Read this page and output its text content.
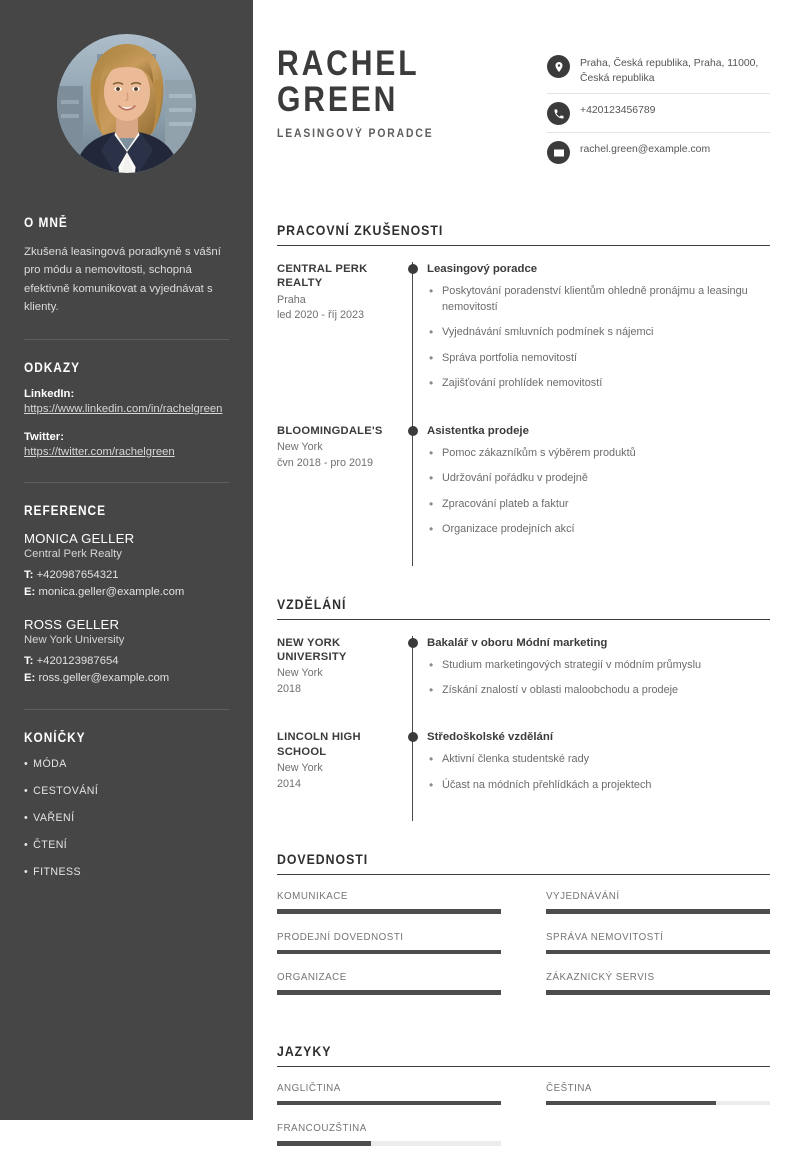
O MNĚ

Zkušená leasingová poradkyně s vášní pro módu a nemovitosti, schopná efektivně komunikovat a vyjednávat s klienty.

ODKAZY
LinkedIn:
https://www.linkedin.com/in/rachelgreen
Twitter:
https://twitter.com/rachelgreen
REFERENCE
MONICA GELLER
Central Perk Realty
T: +420987654321
E: monica.geller@example.com
ROSS GELLER
New York University
T: +420123987654
E: ross.geller@example.com
KONÍČKY
• MÓDA
• CESTOVÁNÍ
• VAŘENÍ
• ČTENÍ
• FITNESS
RACHEL
GREEN
LEASINGOVÝ PORADCE
Praha, Česká republika, Praha, 11000, Česká republika
+420123456789
rachel.green@example.com
PRACOVNÍ ZKUŠENOSTI
CENTRAL PERK REALTY
Praha
led 2020 - říj 2023
Leasingový poradce
• Poskytování poradenství klientům ohledně pronájmu a leasingu nemovitostí
• Vyjednávání smluvních podmínek s nájemci
• Správa portfolia nemovitostí
• Zajišťování prohlídek nemovitostí
BLOOMINGDALE'S
New York
čvn 2018 - pro 2019
Asistentka prodeje
• Pomoc zákazníkům s výběrem produktů
• Udržování pořádku v prodejně
• Zpracování plateb a faktur
• Organizace prodejních akcí
VZDĚLÁNÍ
NEW YORK UNIVERSITY
New York
2018
Bakalář v oboru Módní marketing
• Studium marketingových strategií v módním průmyslu
• Získání znalostí v oblasti maloobchodu a prodeje
LINCOLN HIGH SCHOOL
New York
2014
Středoškolské vzdělání
• Aktivní členka studentské rady
• Účast na módních přehlídkách a projektech
DOVEDNOSTI
KOMUNIKACE	VYJEDNÁVÁNÍ
PRODEJNÍ DOVEDNOSTI	SPRÁVA NEMOVITOSTÍ
ORGANIZACE	ZÁKAZNICKÝ SERVIS
JAZYKY
ANGLIČTINA	ČEŠTINA
FRANCOUZŠTINA
